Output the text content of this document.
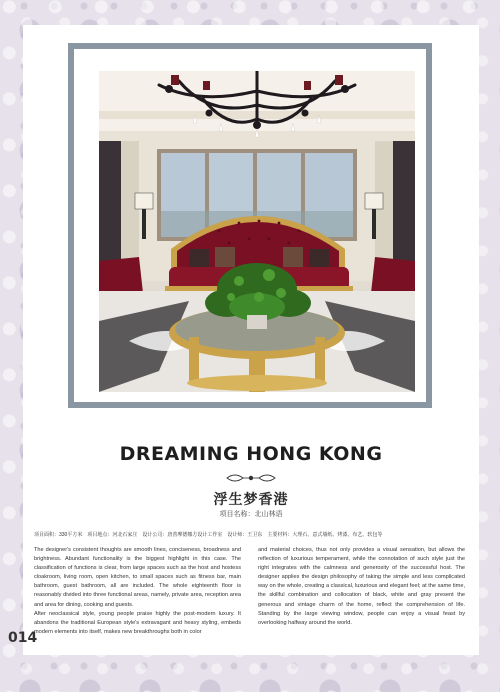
DREAMING HONG KONG
浮生梦香港
项目名称：北山林语
项目面积：330平方米　项目地点：河北石家庄　设计公司：唐善摩德娜方设计工作室　设计师：王卫东　主要材料：大理石、意式墙纸、烤漆、布艺、软包等

The designer's consistent thoughts are smooth lines, conciseness, broadness and brightness. Abundant functionality is the biggest highlight in this case. The classification of functions is clear, from large spaces such as the host and hostess cloakroom, living room, open kitchen, to small spaces such as fitness bar, main bathroom, guest bathroom, all are included. The whole eighteenth floor is reasonably divided into three functional areas, namely, private area, reception area and area for dining, cooking and guests.

After neoclassical style, young people praise highly the post-modern luxury. It abandons the traditional European style's extravagant and heavy styling, embeds modern elements into itself, makes new breakthroughs both in color

and material choices, thus not only provides a visual sensation, but allows the reflection of luxurious temperament, while the connotation of such style just the right integrates with the calmness and generosity of the successful host. The designer applies the design philosophy of taking the simple and less complicated way on the whole, creating a classical, luxurious and elegant feel; at the same time, the skillful combination and collocation of black, white and gray present the generous and vintage charm of the home, reflect the comprehension of life. Standing by the large viewing window, people can enjoy a visual feast by overlooking halfway around the world.

014
